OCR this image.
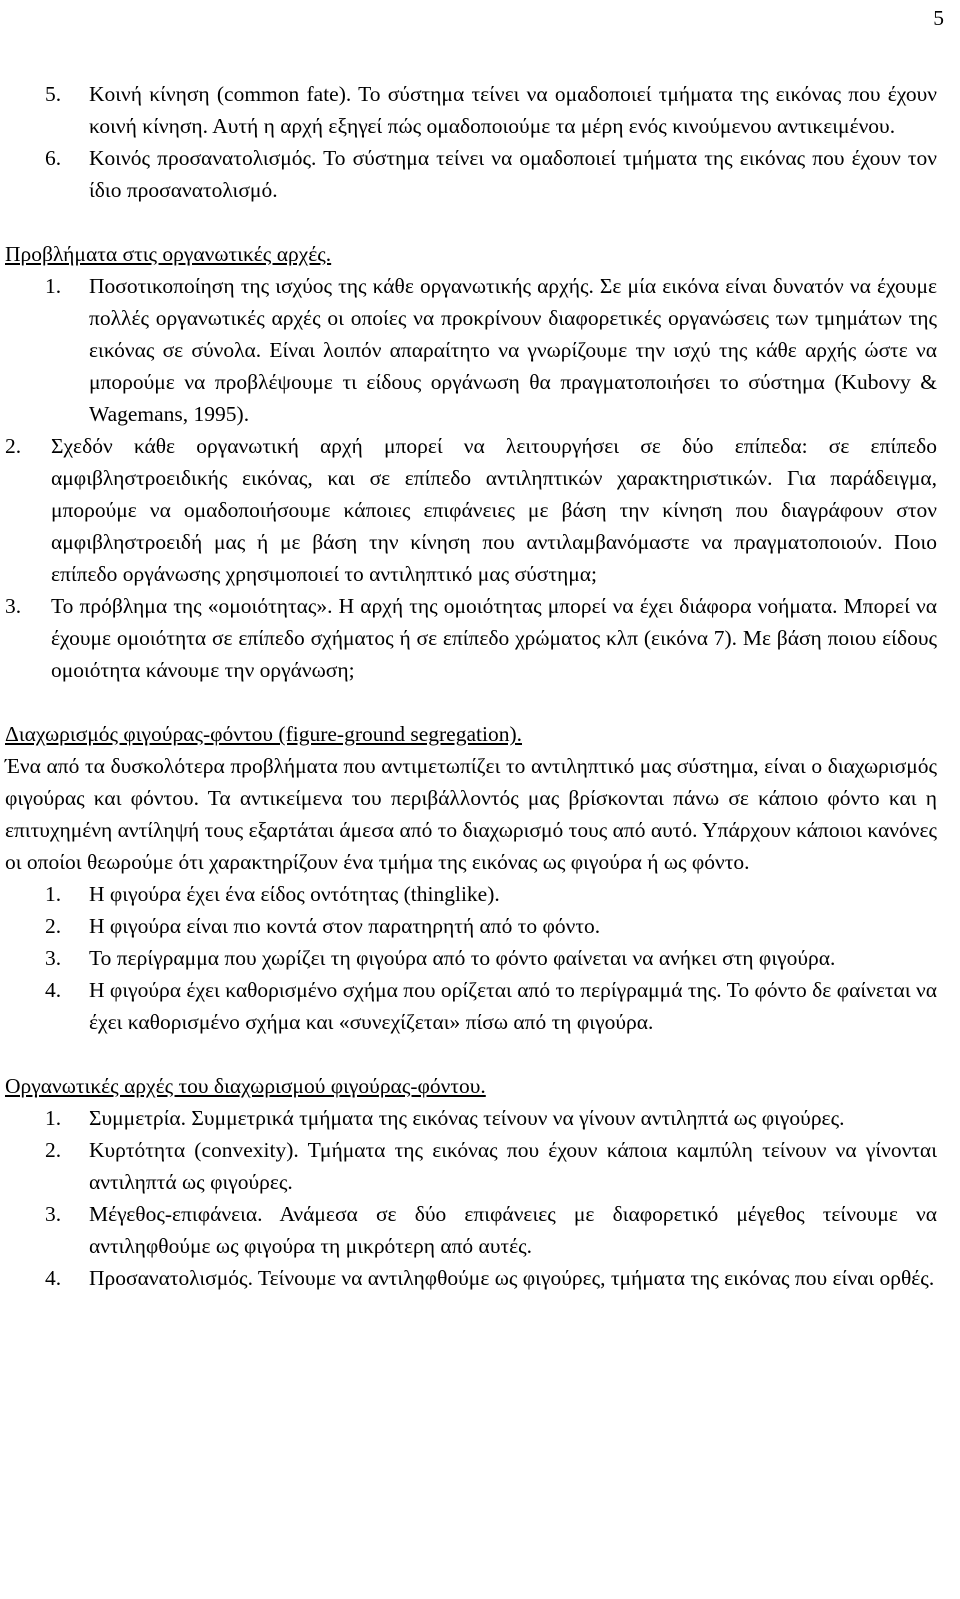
5
5.	Κοινή κίνηση (common fate). Το σύστημα τείνει να ομαδοποιεί τμήματα της εικόνας που έχουν κοινή κίνηση. Αυτή η αρχή εξηγεί πώς ομαδοποιούμε τα μέρη ενός κινούμενου αντικειμένου.
6.	Κοινός προσανατολισμός. Το σύστημα τείνει να ομαδοποιεί τμήματα της εικόνας που έχουν τον ίδιο προσανατολισμό.

Προβλήματα στις οργανωτικές αρχές.

1.	Ποσοτικοποίηση της ισχύος της κάθε οργανωτικής αρχής. Σε μία εικόνα είναι δυνατόν να έχουμε πολλές οργανωτικές αρχές οι οποίες να προκρίνουν διαφορετικές οργανώσεις των τμημάτων της εικόνας σε σύνολα. Είναι λοιπόν απαραίτητο να γνωρίζουμε την ισχύ της κάθε αρχής ώστε να μπορούμε να προβλέψουμε τι είδους οργάνωση θα πραγματοποιήσει το σύστημα (Kubovy & Wagemans, 1995).
2.	Σχεδόν κάθε οργανωτική αρχή μπορεί να λειτουργήσει σε δύο επίπεδα: σε επίπεδο αμφιβληστροειδικής εικόνας, και σε επίπεδο αντιληπτικών χαρακτηριστικών. Για παράδειγμα, μπορούμε να ομαδοποιήσουμε κάποιες επιφάνειες με βάση την κίνηση που διαγράφουν στον αμφιβληστροειδή μας ή με βάση την κίνηση που αντιλαμβανόμαστε να πραγματοποιούν. Ποιο επίπεδο οργάνωσης χρησιμοποιεί το αντιληπτικό μας σύστημα;
3.	Το πρόβλημα της «ομοιότητας». Η αρχή της ομοιότητας μπορεί να έχει διάφορα νοήματα. Μπορεί να έχουμε ομοιότητα σε επίπεδο σχήματος ή σε επίπεδο χρώματος κλπ (εικόνα 7). Με βάση ποιου είδους ομοιότητα κάνουμε την οργάνωση;

Διαχωρισμός φιγούρας-φόντου (figure-ground segregation).

Ένα από τα δυσκολότερα προβλήματα που αντιμετωπίζει το αντιληπτικό μας σύστημα, είναι ο διαχωρισμός φιγούρας και φόντου. Τα αντικείμενα του περιβάλλοντός μας βρίσκονται πάνω σε κάποιο φόντο και η επιτυχημένη αντίληψή τους εξαρτάται άμεσα από το διαχωρισμό τους από αυτό. Υπάρχουν κάποιοι κανόνες οι οποίοι θεωρούμε ότι χαρακτηρίζουν ένα τμήμα της εικόνας ως φιγούρα ή ως φόντο.

1.	Η φιγούρα έχει ένα είδος οντότητας (thinglike).
2.	Η φιγούρα είναι πιο κοντά στον παρατηρητή από το φόντο.
3.	Το περίγραμμα που χωρίζει τη φιγούρα από το φόντο φαίνεται να ανήκει στη φιγούρα.
4.	Η φιγούρα έχει καθορισμένο σχήμα που ορίζεται από το περίγραμμά της. Το φόντο δε φαίνεται να έχει καθορισμένο σχήμα και «συνεχίζεται» πίσω από τη φιγούρα.

Οργανωτικές αρχές του διαχωρισμού φιγούρας-φόντου.

1.	Συμμετρία. Συμμετρικά τμήματα της εικόνας τείνουν να γίνουν αντιληπτά ως φιγούρες.
2.	Κυρτότητα (convexity). Τμήματα της εικόνας που έχουν κάποια καμπύλη τείνουν να γίνονται αντιληπτά ως φιγούρες.
3.	Μέγεθος-επιφάνεια. Ανάμεσα σε δύο επιφάνειες με διαφορετικό μέγεθος τείνουμε να αντιληφθούμε ως φιγούρα τη μικρότερη από αυτές.
4.	Προσανατολισμός. Τείνουμε να αντιληφθούμε ως φιγούρες, τμήματα της εικόνας που είναι ορθές.
